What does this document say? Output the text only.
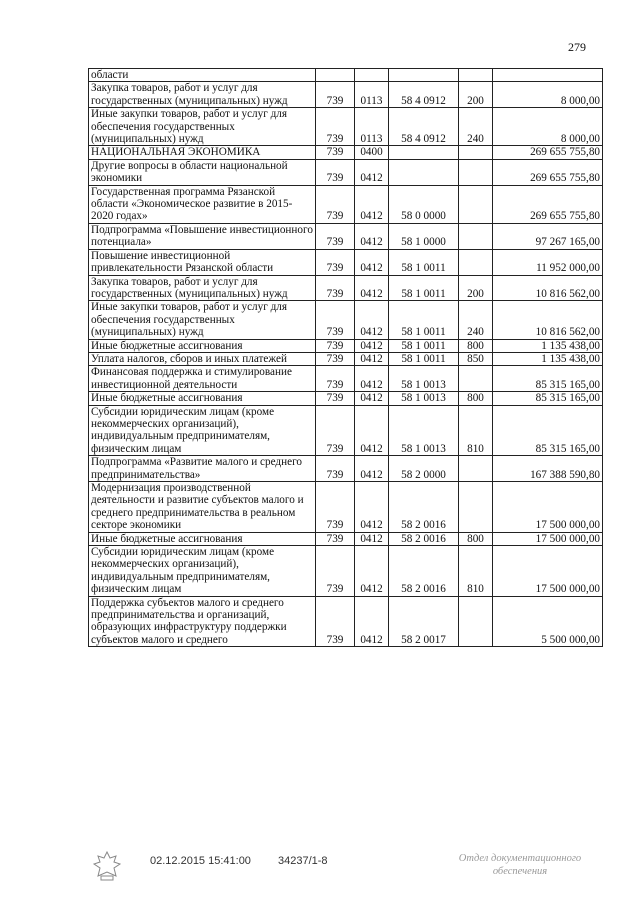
279
области					
Закупка товаров, работ и услуг для государственных (муниципальных) нужд	739	0113	58 4 0912	200	8 000,00
Иные закупки товаров, работ и услуг для обеспечения государственных (муниципальных) нужд	739	0113	58 4 0912	240	8 000,00
НАЦИОНАЛЬНАЯ ЭКОНОМИКА	739	0400			269 655 755,80
Другие вопросы в области национальной экономики	739	0412			269 655 755,80
Государственная программа Рязанской области «Экономическое развитие в 2015-2020 годах»	739	0412	58 0 0000		269 655 755,80
Подпрограмма «Повышение инвестиционного потенциала»	739	0412	58 1 0000		97 267 165,00
Повышение инвестиционной привлекательности Рязанской области	739	0412	58 1 0011		11 952 000,00
Закупка товаров, работ и услуг для государственных (муниципальных) нужд	739	0412	58 1 0011	200	10 816 562,00
Иные закупки товаров, работ и услуг для обеспечения государственных (муниципальных) нужд	739	0412	58 1 0011	240	10 816 562,00
Иные бюджетные ассигнования	739	0412	58 1 0011	800	1 135 438,00
Уплата налогов, сборов и иных платежей	739	0412	58 1 0011	850	1 135 438,00
Финансовая поддержка и стимулирование инвестиционной деятельности	739	0412	58 1 0013		85 315 165,00
Иные бюджетные ассигнования	739	0412	58 1 0013	800	85 315 165,00
Субсидии юридическим лицам (кроме некоммерческих организаций), индивидуальным предпринимателям, физическим лицам	739	0412	58 1 0013	810	85 315 165,00
Подпрограмма «Развитие малого и среднего предпринимательства»	739	0412	58 2 0000		167 388 590,80
Модернизация производственной деятельности и развитие субъектов малого и среднего предпринимательства в реальном секторе экономики	739	0412	58 2 0016		17 500 000,00
Иные бюджетные ассигнования	739	0412	58 2 0016	800	17 500 000,00
Субсидии юридическим лицам (кроме некоммерческих организаций), индивидуальным предпринимателям, физическим лицам	739	0412	58 2 0016	810	17 500 000,00
Поддержка субъектов малого и среднего предпринимательства и организаций, образующих инфраструктуру поддержки субъектов малого и среднего	739	0412	58 2 0017		5 500 000,00
02.12.2015 15:41:00 34237/1-8	Отдел документационного
обеспечения
